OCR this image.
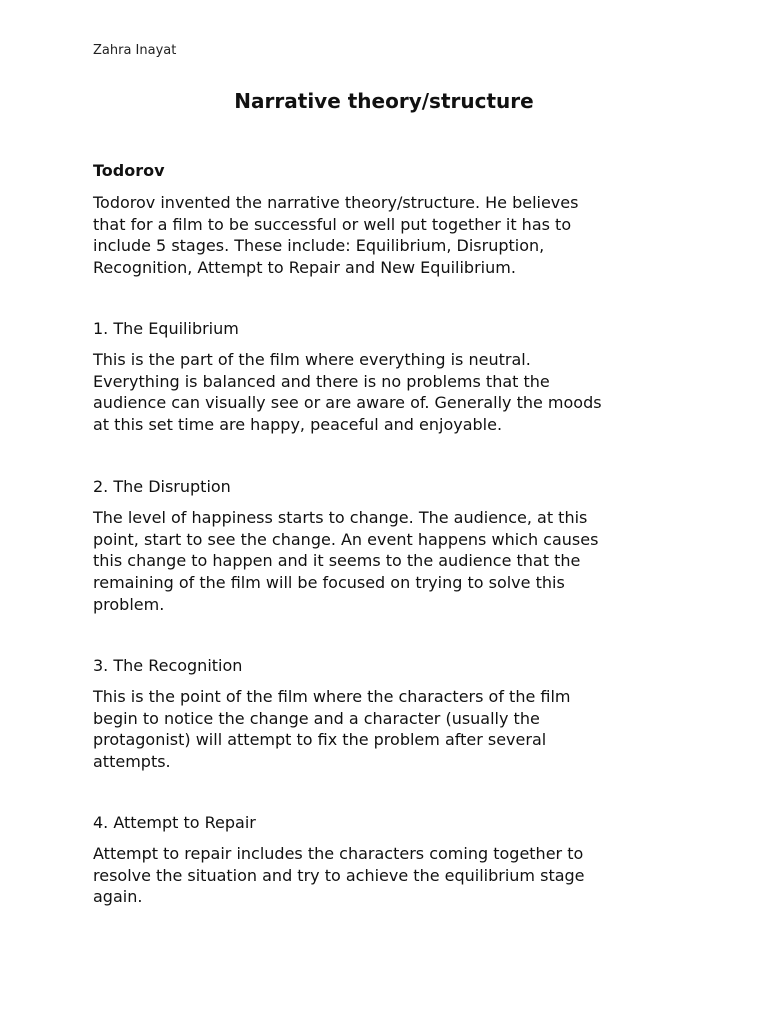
Zahra Inayat
Narrative theory/structure
Todorov
Todorov invented the narrative theory/structure. He believes
that for a film to be successful or well put together it has to
include 5 stages. These include: Equilibrium, Disruption,
Recognition, Attempt to Repair and New Equilibrium.
1. The Equilibrium
This is the part of the film where everything is neutral.
Everything is balanced and there is no problems that the
audience can visually see or are aware of. Generally the moods
at this set time are happy, peaceful and enjoyable.
2. The Disruption
The level of happiness starts to change. The audience, at this
point, start to see the change. An event happens which causes
this change to happen and it seems to the audience that the
remaining of the film will be focused on trying to solve this
problem.
3. The Recognition
This is the point of the film where the characters of the film
begin to notice the change and a character (usually the
protagonist) will attempt to fix the problem after several
attempts.
4. Attempt to Repair
Attempt to repair includes the characters coming together to
resolve the situation and try to achieve the equilibrium stage
again.
